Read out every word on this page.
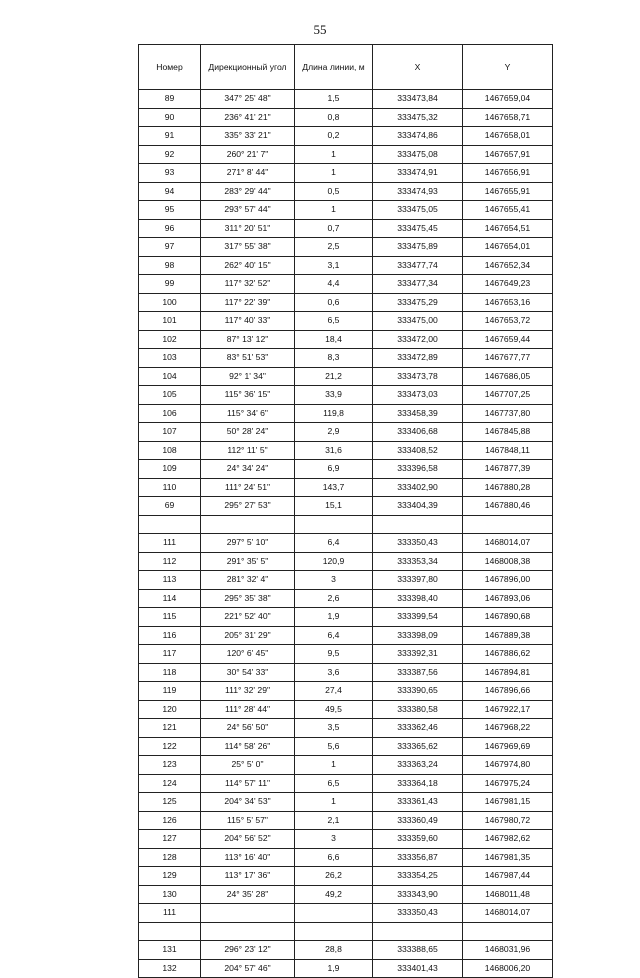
55
Номер	Дирекционный угол	Длина линии, м	X	Y
89	347° 25' 48"	1,5	333473,84	1467659,04
90	236° 41' 21"	0,8	333475,32	1467658,71
91	335° 33' 21"	0,2	333474,86	1467658,01
92	260° 21' 7"	1	333475,08	1467657,91
93	271° 8' 44"	1	333474,91	1467656,91
94	283° 29' 44"	0,5	333474,93	1467655,91
95	293° 57' 44"	1	333475,05	1467655,41
96	311° 20' 51"	0,7	333475,45	1467654,51
97	317° 55' 38"	2,5	333475,89	1467654,01
98	262° 40' 15"	3,1	333477,74	1467652,34
99	117° 32' 52"	4,4	333477,34	1467649,23
100	117° 22' 39"	0,6	333475,29	1467653,16
101	117° 40' 33"	6,5	333475,00	1467653,72
102	87° 13' 12"	18,4	333472,00	1467659,44
103	83° 51' 53"	8,3	333472,89	1467677,77
104	92° 1' 34"	21,2	333473,78	1467686,05
105	115° 36' 15"	33,9	333473,03	1467707,25
106	115° 34' 6"	119,8	333458,39	1467737,80
107	50° 28' 24"	2,9	333406,68	1467845,88
108	112° 11' 5"	31,6	333408,52	1467848,11
109	24° 34' 24"	6,9	333396,58	1467877,39
110	111° 24' 51"	143,7	333402,90	1467880,28
69	295° 27' 53"	15,1	333404,39	1467880,46

111	297° 5' 10"	6,4	333350,43	1468014,07
112	291° 35' 5"	120,9	333353,34	1468008,38
113	281° 32' 4"	3	333397,80	1467896,00
114	295° 35' 38"	2,6	333398,40	1467893,06
115	221° 52' 40"	1,9	333399,54	1467890,68
116	205° 31' 29"	6,4	333398,09	1467889,38
117	120° 6' 45"	9,5	333392,31	1467886,62
118	30° 54' 33"	3,6	333387,56	1467894,81
119	111° 32' 29"	27,4	333390,65	1467896,66
120	111° 28' 44"	49,5	333380,58	1467922,17
121	24° 56' 50"	3,5	333362,46	1467968,22
122	114° 58' 26"	5,6	333365,62	1467969,69
123	25° 5' 0"	1	333363,24	1467974,80
124	114° 57' 11"	6,5	333364,18	1467975,24
125	204° 34' 53"	1	333361,43	1467981,15
126	115° 5' 57"	2,1	333360,49	1467980,72
127	204° 56' 52"	3	333359,60	1467982,62
128	113° 16' 40"	6,6	333356,87	1467981,35
129	113° 17' 36"	26,2	333354,25	1467987,44
130	24° 35' 28"	49,2	333343,90	1468011,48
111			333350,43	1468014,07

131	296° 23' 12"	28,8	333388,65	1468031,96
132	204° 57' 46"	1,9	333401,43	1468006,20
